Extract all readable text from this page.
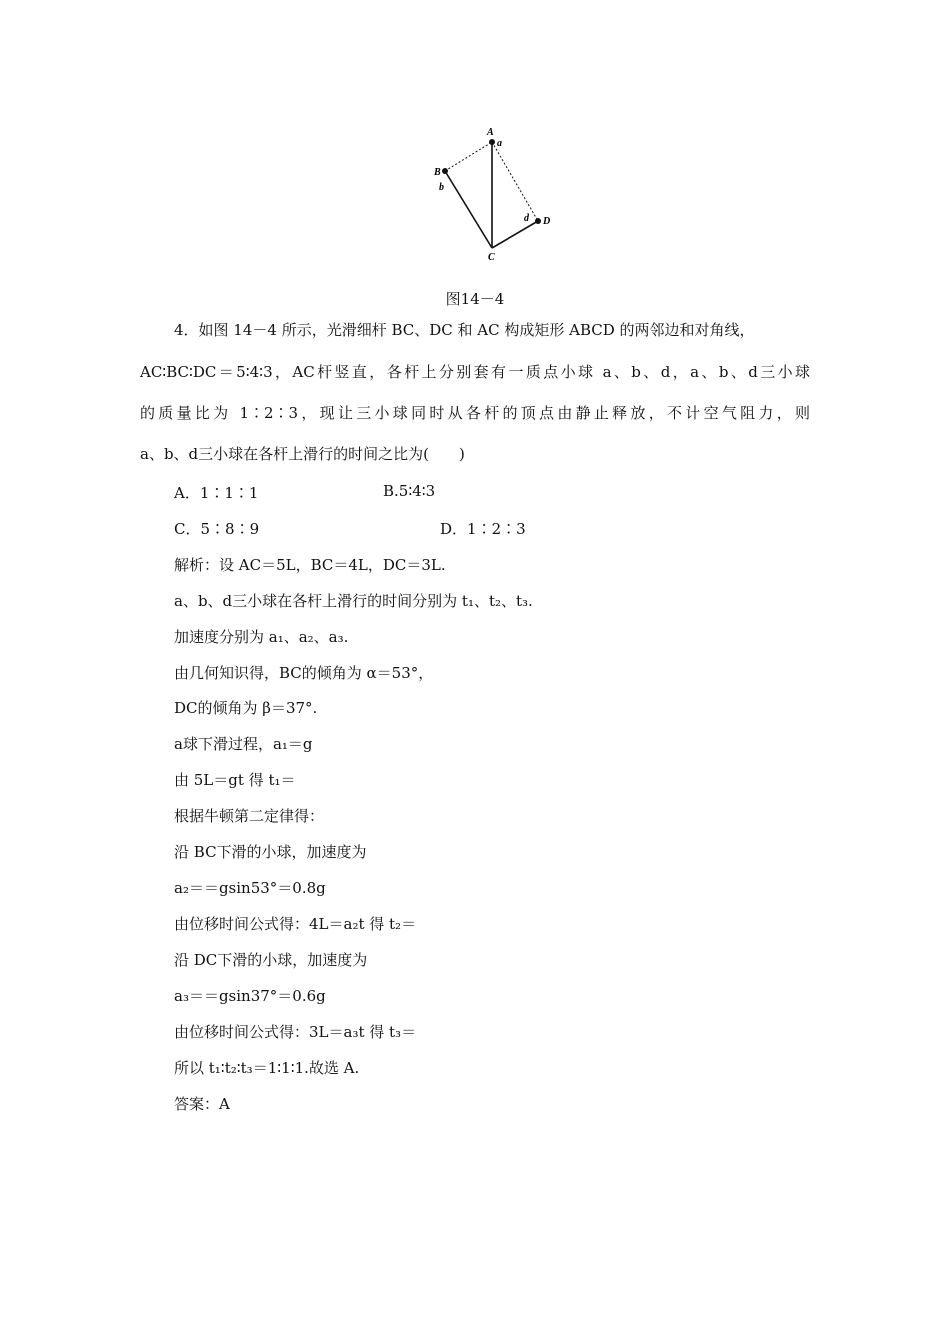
A
a
B
b
C
D
d
图14－4
4．如图 14－4 所示，光滑细杆 BC、DC 和 AC 构成矩形 ABCD 的两邻边和对角线，
AC∶BC∶DC＝5∶4∶3，AC杆竖直，各杆上分别套有一质点小球 a、b、d，a、b、d三小球
的质量比为 1∶2∶3，现让三小球同时从各杆的顶点由静止释放，不计空气阻力，则
a、b、d三小球在各杆上滑行的时间之比为(　　)
A．1∶1∶1	B.5∶4∶3
C．5∶8∶9	D．1∶2∶3
解析：设 AC＝5L，BC＝4L，DC＝3L.
a、b、d三小球在各杆上滑行的时间分别为 t₁、t₂、t₃.
加速度分别为 a₁、a₂、a₃.
由几何知识得，BC的倾角为 α＝53°，
DC的倾角为 β＝37°.
a球下滑过程，a₁＝g
由 5L＝gt 得 t₁＝
根据牛顿第二定律得：
沿 BC下滑的小球，加速度为
a₂＝＝gsin53°＝0.8g
由位移时间公式得：4L＝a₂t 得 t₂＝
沿 DC下滑的小球，加速度为
a₃＝＝gsin37°＝0.6g
由位移时间公式得：3L＝a₃t 得 t₃＝
所以 t₁∶t₂∶t₃＝1∶1∶1.故选 A.
答案：A
